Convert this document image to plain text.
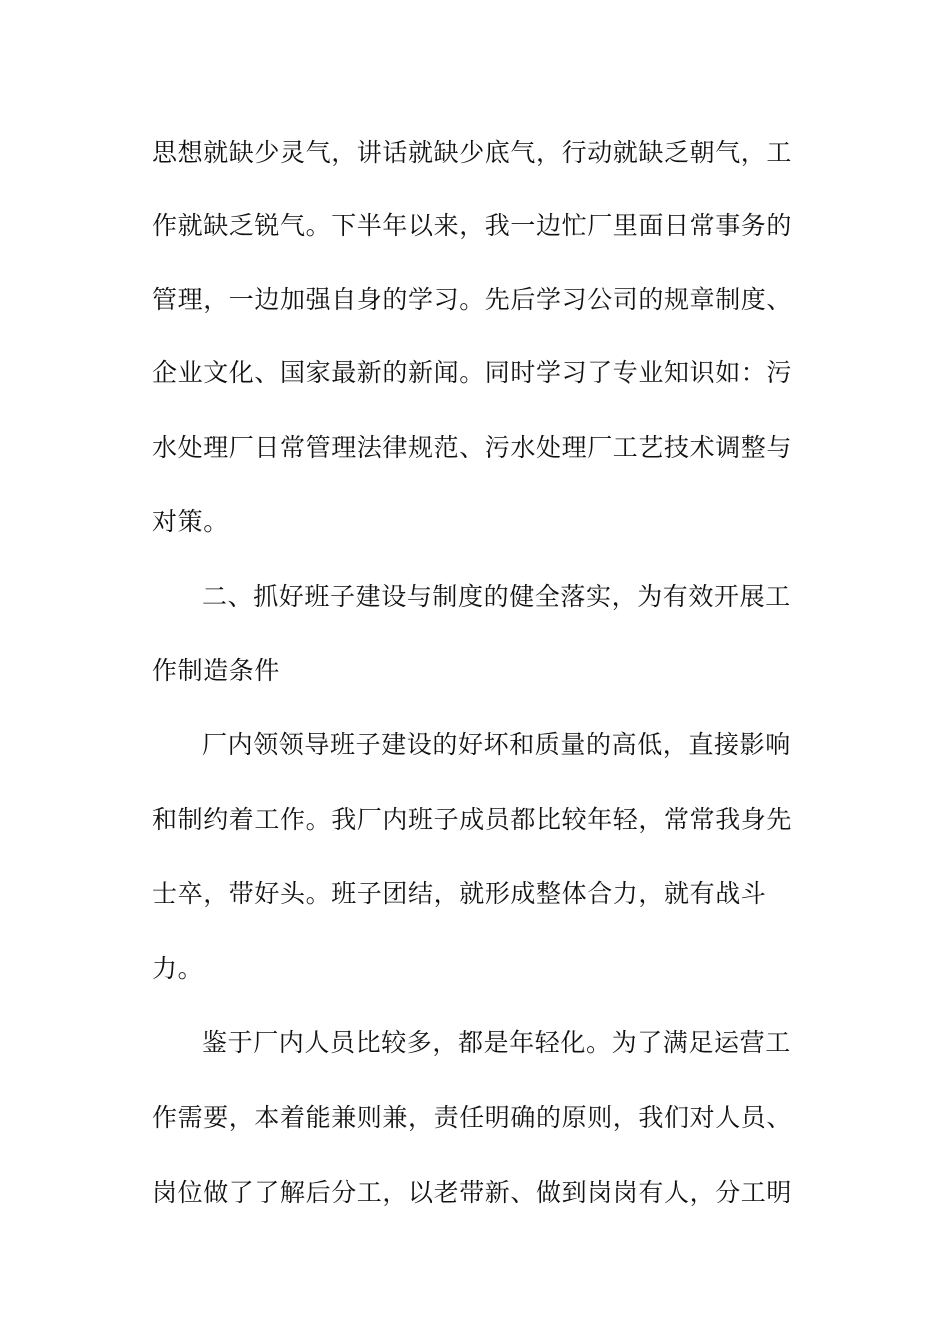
思想就缺少灵气，讲话就缺少底气，行动就缺乏朝气，工
作就缺乏锐气。下半年以来，我一边忙厂里面日常事务的
管理，一边加强自身的学习。先后学习公司的规章制度、
企业文化、国家最新的新闻。同时学习了专业知识如：污
水处理厂日常管理法律规范、污水处理厂工艺技术调整与
对策。
二、抓好班子建设与制度的健全落实，为有效开展工
作制造条件
厂内领领导班子建设的好坏和质量的高低，直接影响
和制约着工作。我厂内班子成员都比较年轻，常常我身先
士卒，带好头。班子团结，就形成整体合力，就有战斗
力。
鉴于厂内人员比较多，都是年轻化。为了满足运营工
作需要，本着能兼则兼，责任明确的原则，我们对人员、
岗位做了了解后分工，以老带新、做到岗岗有人，分工明
